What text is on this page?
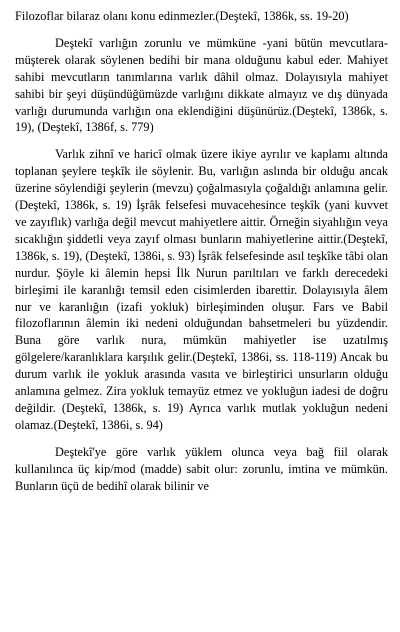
Filozoflar bilaraz olanı konu edinmezler.(Deştekî, 1386k, ss. 19-20)

Deştekî varlığın zorunlu ve mümküne -yani bütün mevcutlara- müşterek olarak söylenen bedihi bir mana olduğunu kabul eder. Mahiyet sahibi mevcutların tanımlarına varlık dâhil olmaz. Dolayısıyla mahiyet sahibi bir şeyi düşündüğümüzde varlığını dikkate almayız ve dış dünyada varlığı durumunda varlığın ona eklendiğini düşünürüz.(Deştekî, 1386k, s. 19), (Deştekî, 1386f, s. 779)

Varlık zihnî ve haricî olmak üzere ikiye ayrılır ve kaplamı altında toplanan şeylere teşkîk ile söylenir. Bu, varlığın aslında bir olduğu ancak üzerine söylendiği şeylerin (mevzu) çoğalmasıyla çoğaldığı anlamına gelir.(Deştekî, 1386k, s. 19) İşrâk felsefesi muvacehesince teşkîk (yani kuvvet ve zayıflık) varlığa değil mevcut mahiyetlere aittir. Örneğin siyahlığın veya sıcaklığın şiddetli veya zayıf olması bunların mahiyetlerine aittir.(Deştekî, 1386k, s. 19), (Deştekî, 1386i, s. 93) İşrâk felsefesinde asıl teşkîke tâbi olan nurdur. Şöyle ki âlemin hepsi İlk Nurun parıltıları ve farklı derecedeki birleşimi ile karanlığı temsil eden cisimlerden ibarettir. Dolayısıyla âlem nur ve karanlığın (izafi yokluk) birleşiminden oluşur. Fars ve Babil filozoflarının âlemin iki nedeni olduğundan bahsetmeleri bu yüzdendir. Buna göre varlık nura, mümkün mahiyetler ise uzatılmış gölgelere/karanlıklara karşılık gelir.(Deştekî, 1386i, ss. 118-119) Ancak bu durum varlık ile yokluk arasında vasıta ve birleştirici unsurların olduğu anlamına gelmez. Zira yokluk temayüz etmez ve yokluğun iadesi de doğru değildir. (Deştekî, 1386k, s. 19) Ayrıca varlık mutlak yokluğun nedeni olamaz.(Deştekî, 1386i, s. 94)

Deştekî'ye göre varlık yüklem olunca veya bağ fiil olarak kullanılınca üç kip/mod (madde) sabit olur: zorunlu, imtina ve mümkün. Bunların üçü de bedihî olarak bilinir ve
